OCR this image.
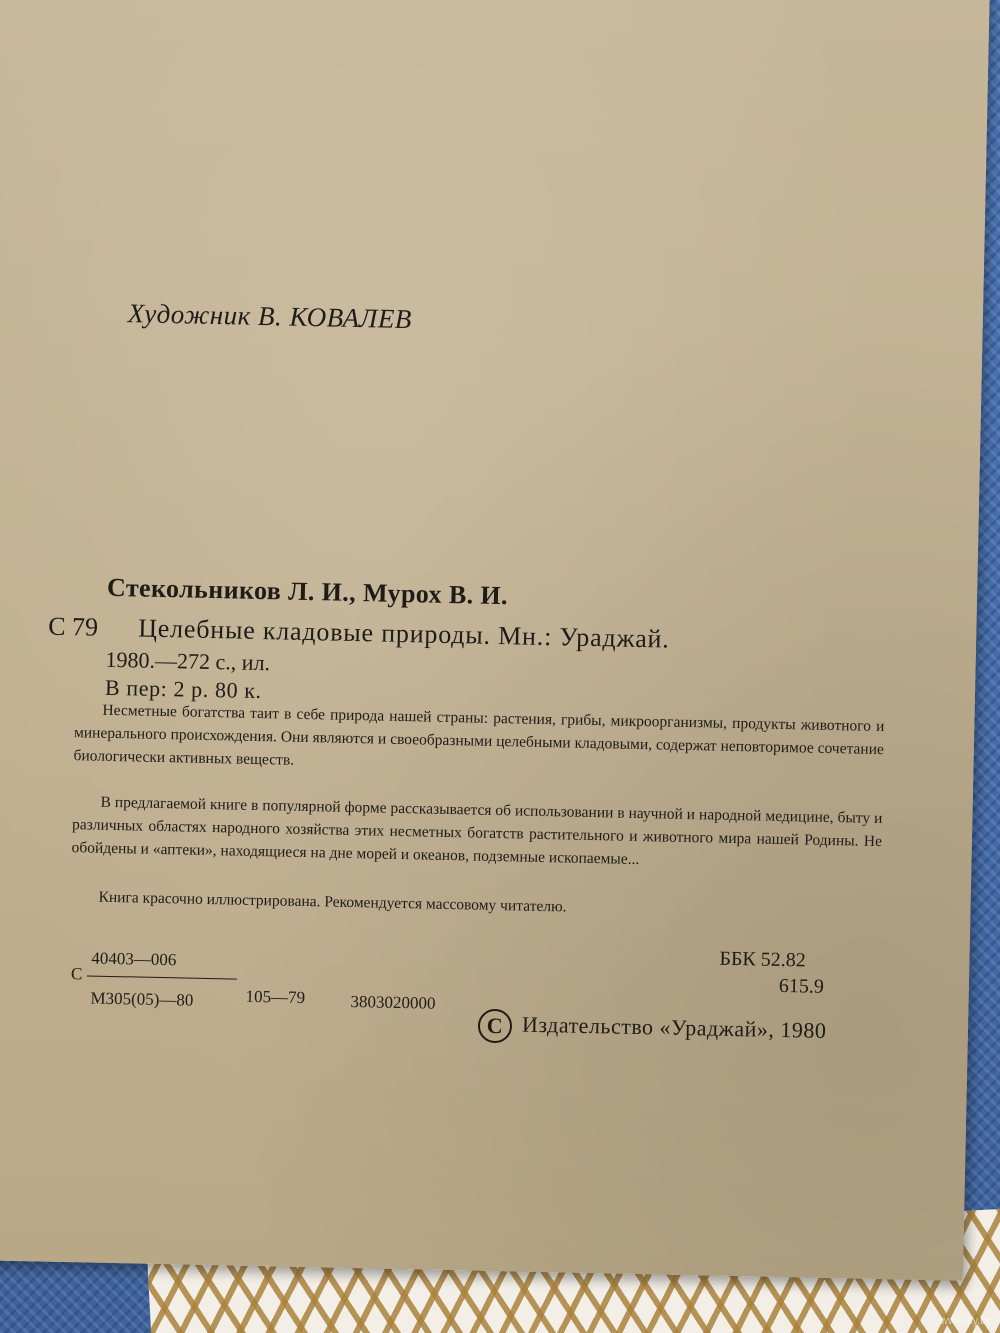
Художник В. КОВАЛЕВ
Стекольников Л. И., Мурох В. И.
С 79 Целебные кладовые природы. Мн.: Ураджай.
1980.—272 с., ил.
В пер: 2 р. 80 к.

Несметные богатства таит в себе природа нашей страны: растения, грибы, микроорганизмы, продукты животного и минерального происхождения. Они являются и своеобразными целебными кладовыми, содержат неповторимое сочетание биологически активных веществ.

В предлагаемой книге в популярной форме рассказывается об использовании в научной и народной медицине, быту и различных областях народного хозяйства этих несметных богатств растительного и животного мира нашей Родины. Не обойдены и «аптеки», находящиеся на дне морей и океанов, подземные ископаемые...

Книга красочно иллюстрирована. Рекомендуется массовому читателю.

С
40403—006
М305(05)—80	105—79	3803020000
ББК 52.82
615.9
С Издательство «Ураджай», 1980
www.ay.by
